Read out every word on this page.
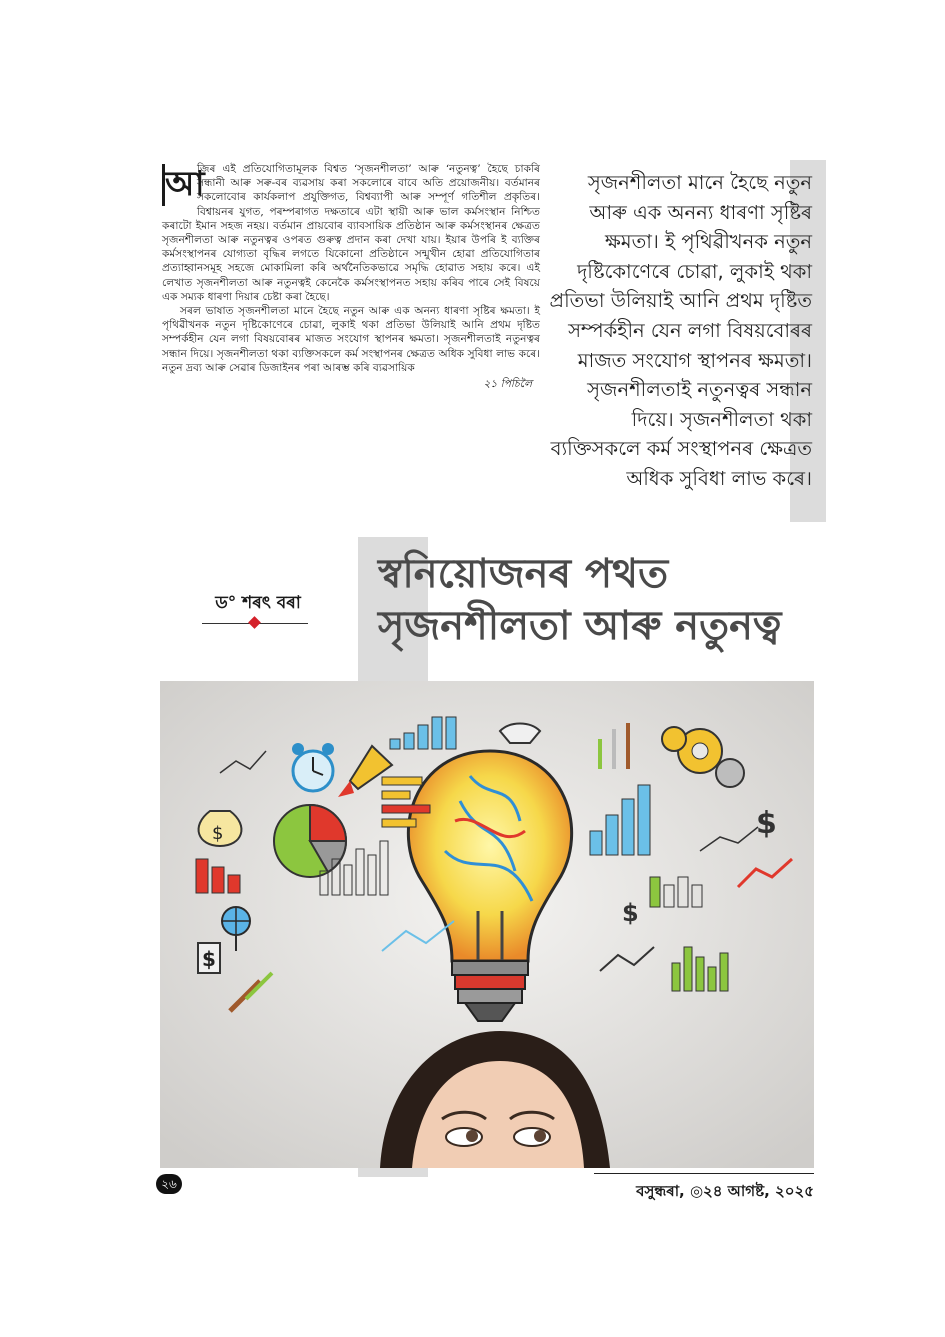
আ
জিৰ এই প্ৰতিযোগিতামূলক বিশ্বত ‘সৃজনশীলতা’ আৰু ‘নতুনত্ব’ হৈছে চাকৰি সন্ধানী আৰু সৰু-বৰ ব্যৱসায় কৰা সকলোৰে বাবে অতি প্ৰয়োজনীয়। বৰ্তমানৰ সকলোবোৰ কাৰ্যকলাপ প্ৰযুক্তিগত, বিশ্বব্যাপী আৰু সম্পূৰ্ণ গতিশীল প্ৰকৃতিৰ। বিশ্বায়নৰ যুগত, পৰম্পৰাগত দক্ষতাৰে এটা স্থায়ী আৰু ভাল কৰ্মসংস্থান নিশ্চিত কৰাটো ইমান সহজ নহয়। বৰ্তমান প্ৰায়বোৰ ব্যাবসায়িক প্ৰতিষ্ঠান আৰু কৰ্মসংস্থানৰ ক্ষেত্ৰত সৃজনশীলতা আৰু নতুনত্বৰ ওপৰত গুৰুত্ব প্ৰদান কৰা দেখা যায়। ইয়াৰ উপৰি ই ব্যক্তিৰ কৰ্মসংস্থাপনৰ যোগ্যতা বৃদ্ধিৰ লগতে যিকোনো প্ৰতিষ্ঠানে সন্মুখীন হোৱা প্ৰতিযোগিতাৰ প্ৰত্যাহ্বানসমূহ সহজে মোকামিলা কৰি অৰ্থনৈতিকভাৱে সমৃদ্ধি হোৱাত সহায় কৰে। এই লেখাত সৃজনশীলতা আৰু নতুনত্বই কেনেকৈ কৰ্মসংস্থাপনত সহায় কৰিব পাৰে সেই বিষয়ে এক সম্যক ধাৰণা দিয়াৰ চেষ্টা কৰা হৈছে।

সৰল ভাষাত সৃজনশীলতা মানে হৈছে নতুন আৰু এক অনন্য ধাৰণা সৃষ্টিৰ ক্ষমতা। ই পৃথিৱীখনক নতুন দৃষ্টিকোণেৰে চোৱা, লুকাই থকা প্ৰতিভা উলিয়াই আনি প্ৰথম দৃষ্টিত সম্পৰ্কহীন যেন লগা বিষয়বোৰৰ মাজত সংযোগ স্থাপনৰ ক্ষমতা। সৃজনশীলতাই নতুনত্বৰ সন্ধান দিয়ে। সৃজনশীলতা থকা ব্যক্তিসকলে কৰ্ম সংস্থাপনৰ ক্ষেত্ৰত অধিক সুবিধা লাভ কৰে। নতুন দ্ৰব্য আৰু সেৱাৰ ডিজাইনৰ পৰা আৰম্ভ কৰি ব্যৱসায়িক

২১ পিচিলৈ
সৃজনশীলতা মানে হৈছে নতুন আৰু এক অনন্য ধাৰণা সৃষ্টিৰ ক্ষমতা। ই পৃথিৱীখনক নতুন দৃষ্টিকোণেৰে চোৱা, লুকাই থকা প্ৰতিভা উলিয়াই আনি প্ৰথম দৃষ্টিত সম্পৰ্কহীন যেন লগা বিষয়বোৰৰ মাজত সংযোগ স্থাপনৰ ক্ষমতা। সৃজনশীলতাই নতুনত্বৰ সন্ধান দিয়ে। সৃজনশীলতা থকা ব্যক্তিসকলে কৰ্ম সংস্থাপনৰ ক্ষেত্ৰত অধিক সুবিধা লাভ কৰে।
স্বনিয়োজনৰ পথত
সৃজনশীলতা আৰু নতুনত্ব
ড° শৰৎ বৰা
$
$
$
$
২৬	বসুন্ধৰা, ◎২৪ আগষ্ট, ২০২৫
